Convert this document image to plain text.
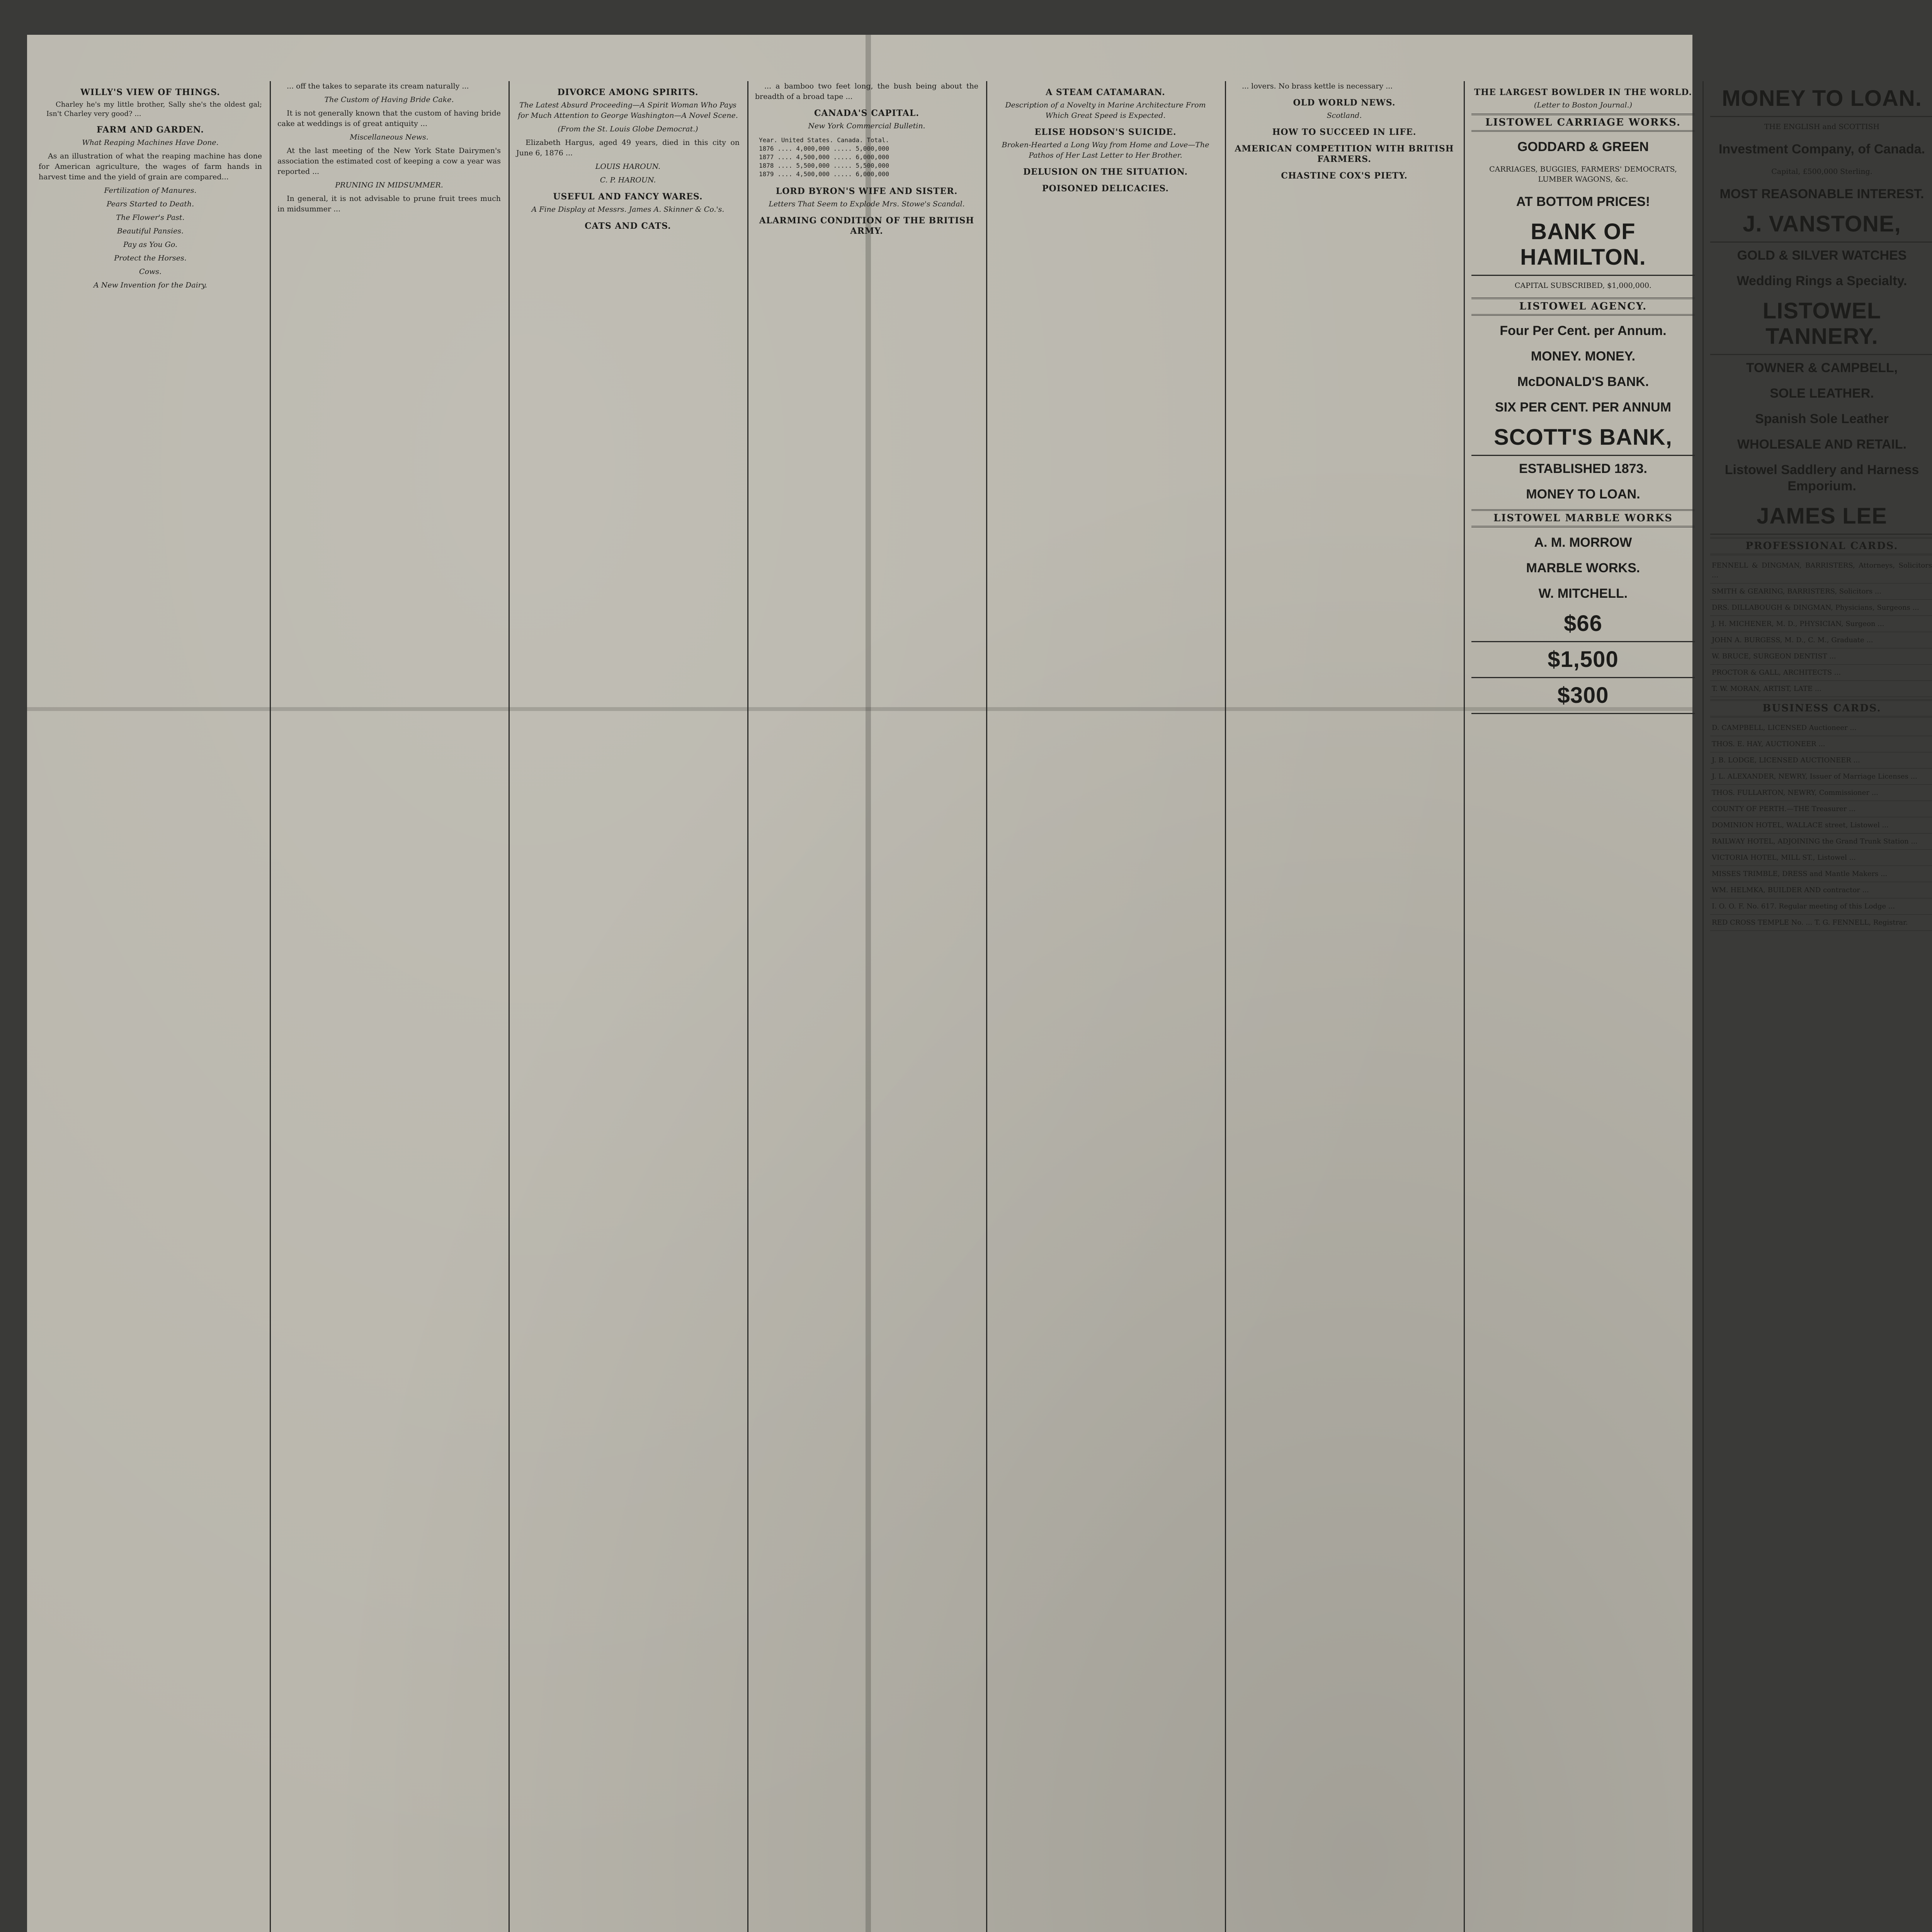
WILLY'S VIEW OF THINGS.

Charley he's my little brother, Sally she's the oldest gal; Isn't Charley very good? ...

FARM AND GARDEN.

What Reaping Machines Have Done.

As an illustration of what the reaping machine has done for American agriculture, the wages of farm hands in harvest time and the yield of grain are compared...

Fertilization of Manures.

Pears Started to Death.

The Flower's Past.

Beautiful Pansies.

Pay as You Go.

Protect the Horses.

Cows.

A New Invention for the Dairy.

... off the takes to separate its cream naturally ...

The Custom of Having Bride Cake.

It is not generally known that the custom of having bride cake at weddings is of great antiquity ...

Miscellaneous News.

At the last meeting of the New York State Dairymen's association the estimated cost of keeping a cow a year was reported ...

PRUNING IN MIDSUMMER.

In general, it is not advisable to prune fruit trees much in midsummer ...

DIVORCE AMONG SPIRITS.

The Latest Absurd Proceeding—A Spirit Woman Who Pays for Much Attention to George Washington—A Novel Scene.

(From the St. Louis Globe Democrat.)

Elizabeth Hargus, aged 49 years, died in this city on June 6, 1876 ...

LOUIS HAROUN.

C. P. HAROUN.

USEFUL AND FANCY WARES.

A Fine Display at Messrs. James A. Skinner & Co.'s.

CATS AND CATS.

... a bamboo two feet long, the bush being about the breadth of a broad tape ...

CANADA'S CAPITAL.

New York Commercial Bulletin.

Year. United States. Canada. Total.
1876 .... 4,000,000 ..... 5,000,000
1877 .... 4,500,000 ..... 6,000,000
1878 .... 5,500,000 ..... 5,500,000
1879 .... 4,500,000 ..... 6,000,000
LORD BYRON'S WIFE AND SISTER.

Letters That Seem to Explode Mrs. Stowe's Scandal.

ALARMING CONDITION OF THE BRITISH ARMY.
A STEAM CATAMARAN.

Description of a Novelty in Marine Architecture From Which Great Speed is Expected.

ELISE HODSON'S SUICIDE.

Broken-Hearted a Long Way from Home and Love—The Pathos of Her Last Letter to Her Brother.

DELUSION ON THE SITUATION.
POISONED DELICACIES.

... lovers. No brass kettle is necessary ...

OLD WORLD NEWS.

Scotland.

HOW TO SUCCEED IN LIFE.
AMERICAN COMPETITION WITH BRITISH FARMERS.
CHASTINE COX'S PIETY.
THE LARGEST BOWLDER IN THE WORLD.

(Letter to Boston Journal.)

LISTOWEL CARRIAGE WORKS.
GODDARD & GREEN
CARRIAGES, BUGGIES, FARMERS' DEMOCRATS, LUMBER WAGONS, &c.
AT BOTTOM PRICES!
BANK OF HAMILTON.
CAPITAL SUBSCRIBED, $1,000,000.
LISTOWEL AGENCY.
Four Per Cent. per Annum.
MONEY. MONEY.
McDONALD'S BANK.
SIX PER CENT. PER ANNUM
SCOTT'S BANK,
ESTABLISHED 1873.
MONEY TO LOAN.
LISTOWEL MARBLE WORKS
A. M. MORROW
MARBLE WORKS.
W. MITCHELL.
$66
$1,500
$300
MONEY TO LOAN.
THE ENGLISH and SCOTTISH
Investment Company, of Canada.
Capital, £500,000 Sterling.
MOST REASONABLE INTEREST.
J. VANSTONE,
GOLD & SILVER WATCHES
Wedding Rings a Specialty.
LISTOWEL TANNERY.
TOWNER & CAMPBELL,
SOLE LEATHER.
Spanish Sole Leather
WHOLESALE AND RETAIL.
Listowel Saddlery and Harness Emporium.
JAMES LEE
PROFESSIONAL CARDS.
FENNELL & DINGMAN, BARRISTERS, Attorneys, Solicitors ...
SMITH & GEARING, BARRISTERS, Solicitors ...
DRS. DILLABOUGH & DINGMAN, Physicians, Surgeons ...
J. H. MICHENER, M. D., PHYSICIAN, Surgeon ...
JOHN A. BURGESS, M. D., C. M., Graduate ...
W. BRUCE, SURGEON DENTIST ...
PROCTOR & GALL, ARCHITECTS ...
T. W. MORAN, ARTIST, LATE ...
BUSINESS CARDS.
D. CAMPBELL, LICENSED Auctioneer ...
THOS. E. HAY, AUCTIONEER ...
J. B. LODGE, LICENSED AUCTIONEER ...
J. L. ALEXANDER, NEWRY, Issuer of Marriage Licenses ...
THOS. FULLARTON, NEWRY, Commissioner ...
COUNTY OF PERTH.—THE Treasurer ...
DOMINION HOTEL, WALLACE street, Listowel ...
RAILWAY HOTEL, ADJOINING the Grand Trunk Station ...
VICTORIA HOTEL, MILL ST., Listowel ...
MISSES TRIMBLE, DRESS and Mantle Makers ...
WM. HELMKA, BUILDER AND contractor ...
I. O. O. F. No. 617. Regular meeting of this Lodge ...
RED CROSS TEMPLE No. ... T. G. FENNELL, Registrar.
